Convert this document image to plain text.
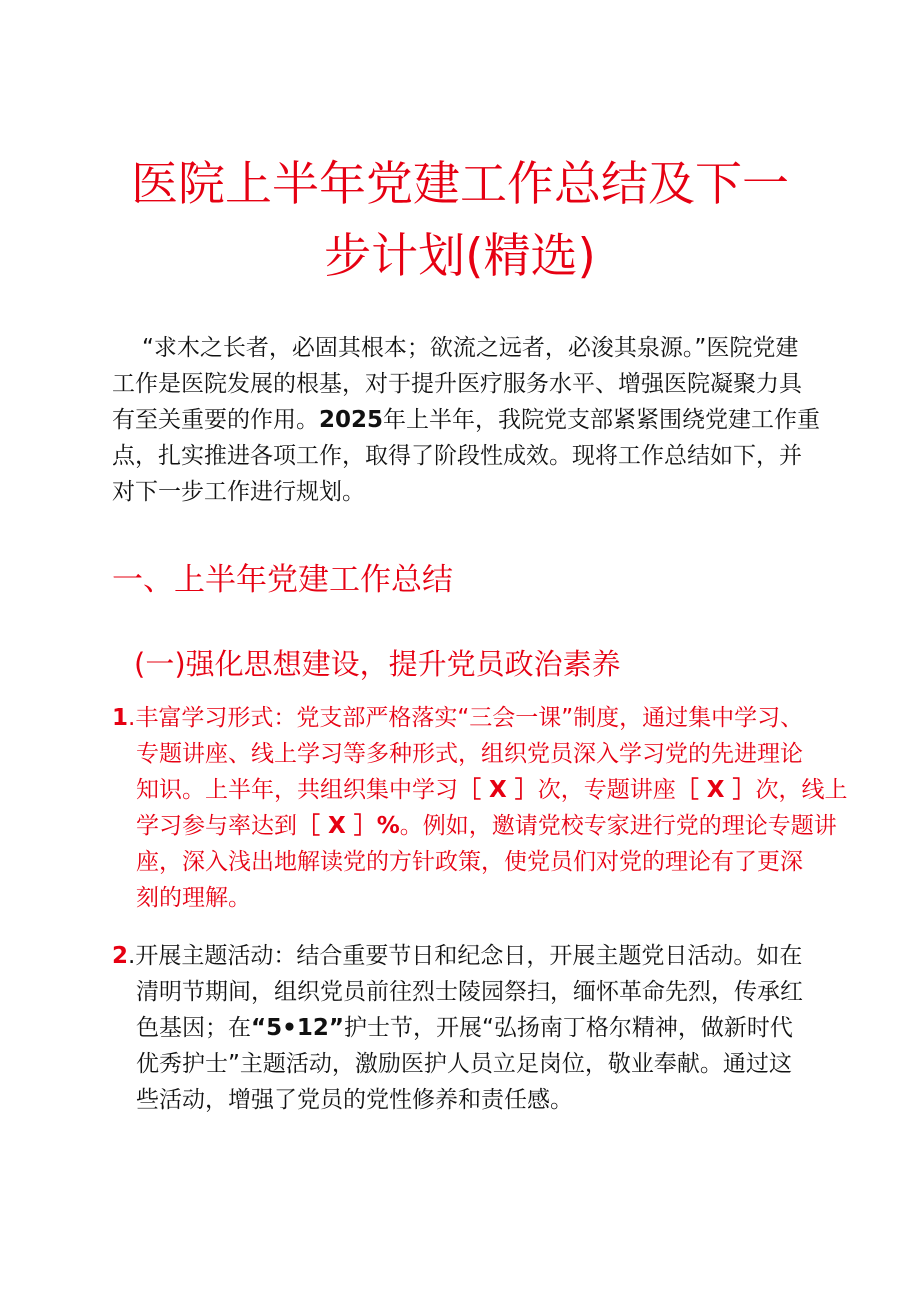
医院上半年党建工作总结及下一
步计划(精选)

“求木之长者，必固其根本；欲流之远者，必浚其泉源。”医院党建
工作是医院发展的根基，对于提升医疗服务水平、增强医院凝聚力具
有至关重要的作用。2025年上半年，我院党支部紧紧围绕党建工作重
点，扎实推进各项工作，取得了阶段性成效。现将工作总结如下，并
对下一步工作进行规划。

一、上半年党建工作总结
(一)强化思想建设，提升党员政治素养

1.丰富学习形式：党支部严格落实“三会一课”制度，通过集中学习、
专题讲座、线上学习等多种形式，组织党员深入学习党的先进理论
知识。上半年，共组织集中学习［ X ］次，专题讲座［ X ］次，线上
学习参与率达到［ X ］%。例如，邀请党校专家进行党的理论专题讲
座，深入浅出地解读党的方针政策，使党员们对党的理论有了更深
刻的理解。

2.开展主题活动：结合重要节日和纪念日，开展主题党日活动。如在
清明节期间，组织党员前往烈士陵园祭扫，缅怀革命先烈，传承红
色基因；在“5•12”护士节，开展“弘扬南丁格尔精神，做新时代
优秀护士”主题活动，激励医护人员立足岗位，敬业奉献。通过这
些活动，增强了党员的党性修养和责任感。
